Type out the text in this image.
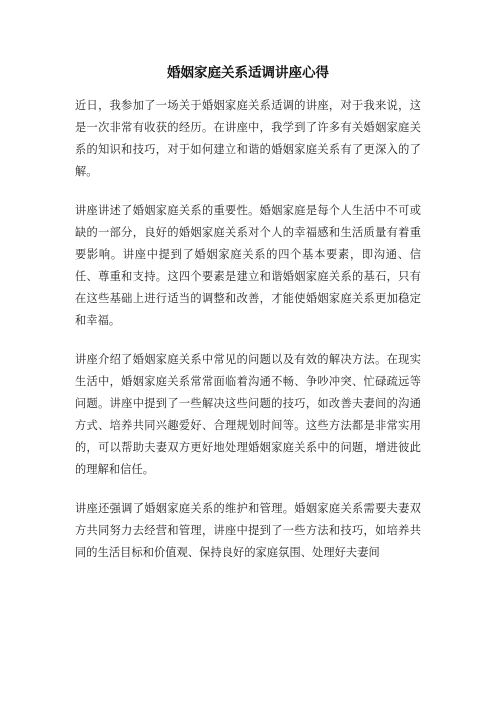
婚姻家庭关系适调讲座心得

近日，我参加了一场关于婚姻家庭关系适调的讲座，对于我来说，这是一次非常有收获的经历。在讲座中，我学到了许多有关婚姻家庭关系的知识和技巧，对于如何建立和谐的婚姻家庭关系有了更深入的了解。

讲座讲述了婚姻家庭关系的重要性。婚姻家庭是每个人生活中不可或缺的一部分，良好的婚姻家庭关系对个人的幸福感和生活质量有着重要影响。讲座中提到了婚姻家庭关系的四个基本要素，即沟通、信任、尊重和支持。这四个要素是建立和谐婚姻家庭关系的基石，只有在这些基础上进行适当的调整和改善，才能使婚姻家庭关系更加稳定和幸福。

讲座介绍了婚姻家庭关系中常见的问题以及有效的解决方法。在现实生活中，婚姻家庭关系常常面临着沟通不畅、争吵冲突、忙碌疏远等问题。讲座中提到了一些解决这些问题的技巧，如改善夫妻间的沟通方式、培养共同兴趣爱好、合理规划时间等。这些方法都是非常实用的，可以帮助夫妻双方更好地处理婚姻家庭关系中的问题，增进彼此的理解和信任。

讲座还强调了婚姻家庭关系的维护和管理。婚姻家庭关系需要夫妻双方共同努力去经营和管理，讲座中提到了一些方法和技巧，如培养共同的生活目标和价值观、保持良好的家庭氛围、处理好夫妻间
